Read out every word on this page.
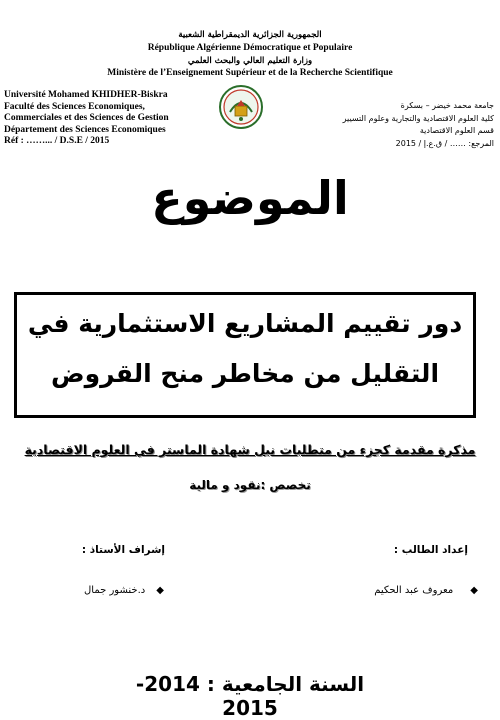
الجمهورية الجزائرية الديمقراطية الشعبية
République Algérienne Démocratique et Populaire
وزارة التعليم العالي والبحث العلمي
Ministère de l’Enseignement Supérieur et de la Recherche Scientifique
Université Mohamed KHIDHER-Biskra
Faculté des Sciences Economiques,
Commerciales et des Sciences de Gestion
Département des Sciences Economiques
Réf : ……... / D.S.E / 2015
جامعة محمد خيضر – بسكرة
كلية العلوم الاقتصادية والتجارية وعلوم التسيير
قسم العلوم الاقتصادية
المرجع: …… / ق.ع.إ / 2015
الموضوع
دور تقييم المشاريع الاستثمارية في
التقليل من مخاطر منح القروض
مذكرة مقدمة كجزء من متطلبات نيل شهادة الماستر في العلوم الاقتصادية
تخصص :نقود و مالية
إعداد الطالب :
إشراف الأستاذ :
◆ معروف عبد الحكيم
◆ د.خنشور جمال
السنة الجامعية : 2014-2015
